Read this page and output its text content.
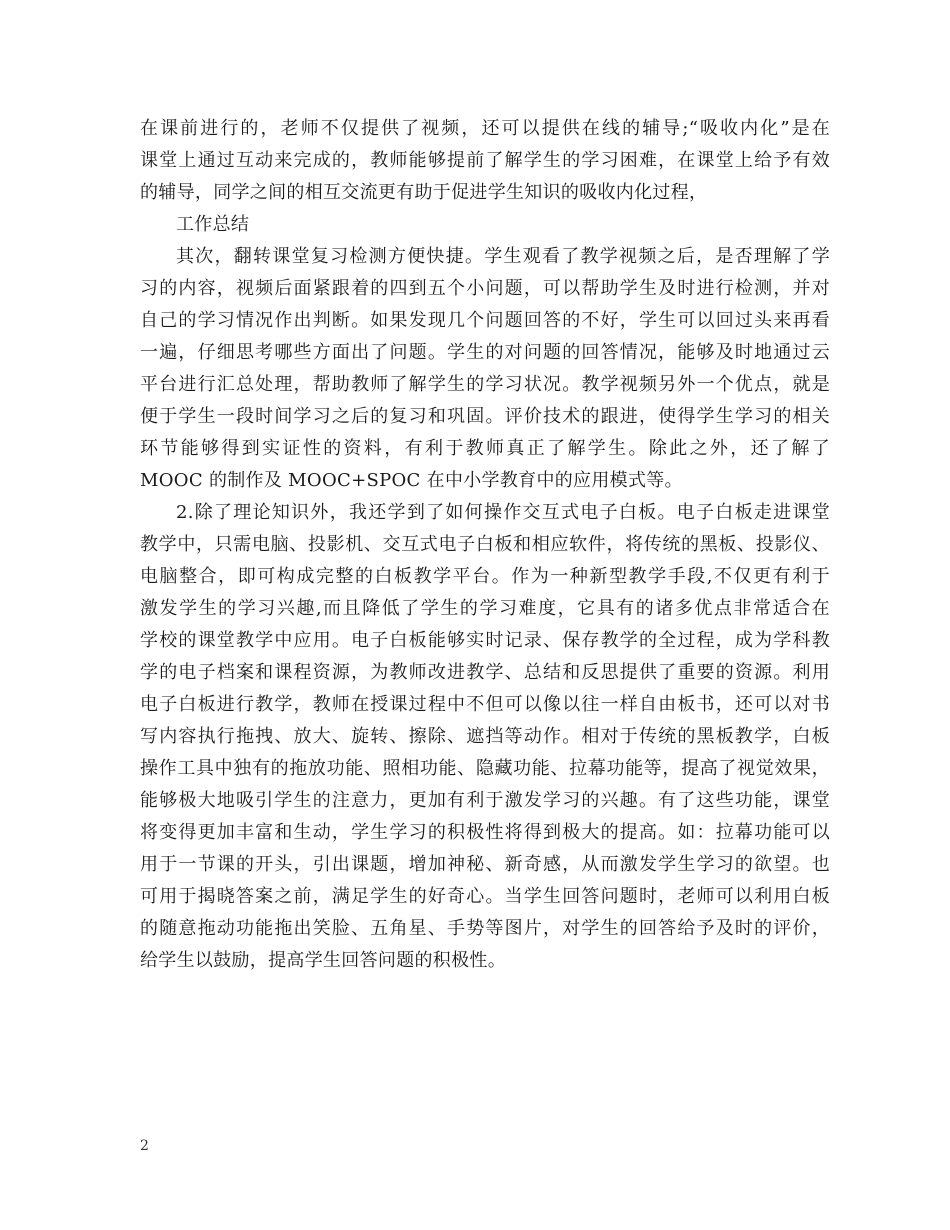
在课前进行的，老师不仅提供了视频，还可以提供在线的辅导;“吸收内化”是在
课堂上通过互动来完成的，教师能够提前了解学生的学习困难，在课堂上给予有效
的辅导，同学之间的相互交流更有助于促进学生知识的吸收内化过程，
工作总结
其次，翻转课堂复习检测方便快捷。学生观看了教学视频之后，是否理解了学
习的内容，视频后面紧跟着的四到五个小问题，可以帮助学生及时进行检测，并对
自己的学习情况作出判断。如果发现几个问题回答的不好，学生可以回过头来再看
一遍，仔细思考哪些方面出了问题。学生的对问题的回答情况，能够及时地通过云
平台进行汇总处理，帮助教师了解学生的学习状况。教学视频另外一个优点，就是
便于学生一段时间学习之后的复习和巩固。评价技术的跟进，使得学生学习的相关
环节能够得到实证性的资料，有利于教师真正了解学生。除此之外，还了解了
MOOC 的制作及 MOOC+SPOC 在中小学教育中的应用模式等。
2.除了理论知识外，我还学到了如何操作交互式电子白板。电子白板走进课堂
教学中，只需电脑、投影机、交互式电子白板和相应软件，将传统的黑板、投影仪、
电脑整合，即可构成完整的白板教学平台。作为一种新型教学手段,不仅更有利于
激发学生的学习兴趣,而且降低了学生的学习难度，它具有的诸多优点非常适合在
学校的课堂教学中应用。电子白板能够实时记录、保存教学的全过程，成为学科教
学的电子档案和课程资源，为教师改进教学、总结和反思提供了重要的资源。利用
电子白板进行教学，教师在授课过程中不但可以像以往一样自由板书，还可以对书
写内容执行拖拽、放大、旋转、擦除、遮挡等动作。相对于传统的黑板教学，白板
操作工具中独有的拖放功能、照相功能、隐藏功能、拉幕功能等，提高了视觉效果，
能够极大地吸引学生的注意力，更加有利于激发学习的兴趣。有了这些功能，课堂
将变得更加丰富和生动，学生学习的积极性将得到极大的提高。如：拉幕功能可以
用于一节课的开头，引出课题，增加神秘、新奇感，从而激发学生学习的欲望。也
可用于揭晓答案之前，满足学生的好奇心。当学生回答问题时，老师可以利用白板
的随意拖动功能拖出笑脸、五角星、手势等图片，对学生的回答给予及时的评价，
给学生以鼓励，提高学生回答问题的积极性。
2
